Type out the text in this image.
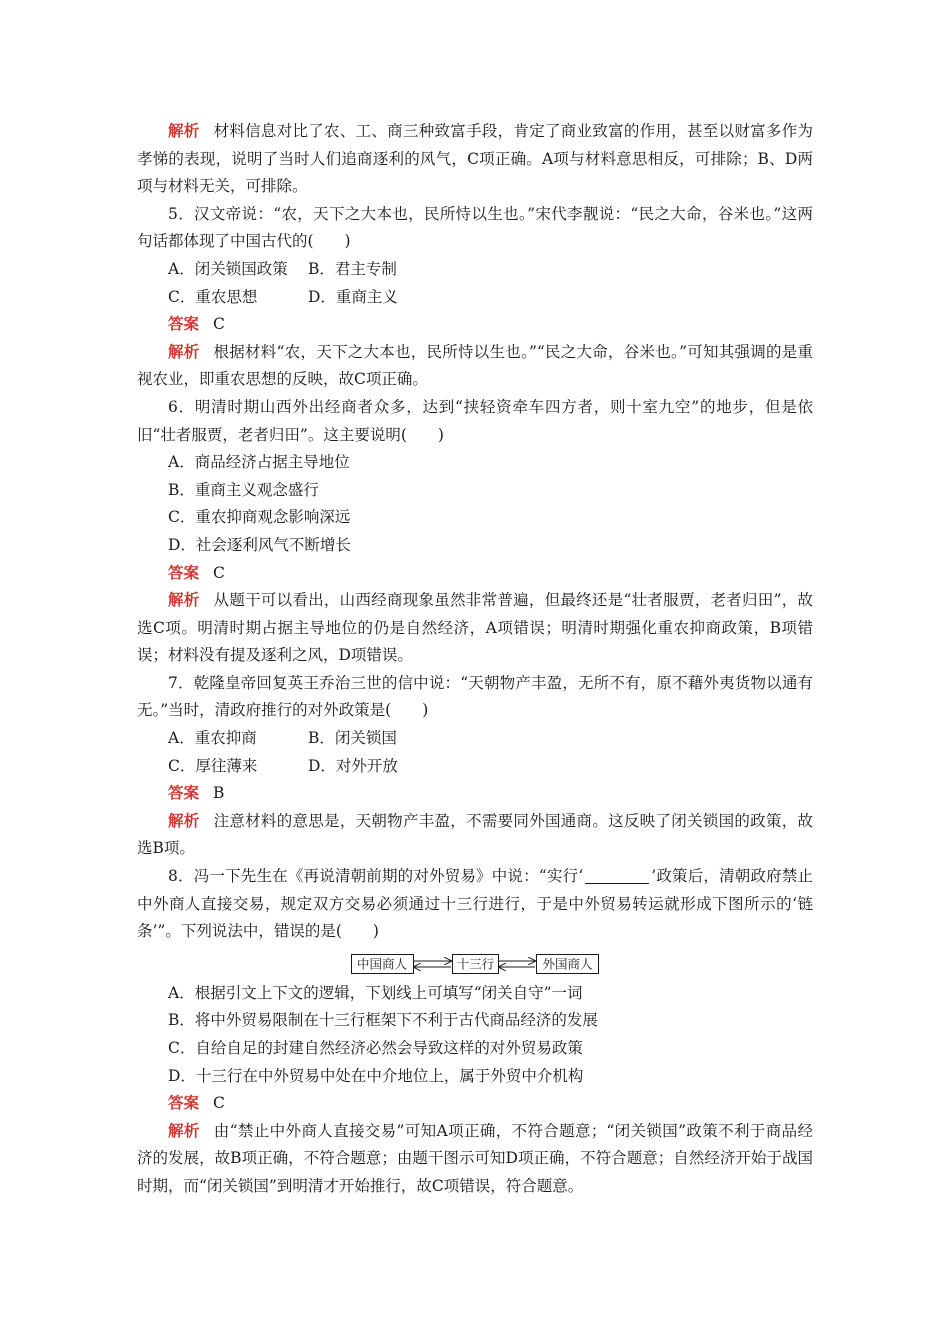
解析 材料信息对比了农、工、商三种致富手段，肯定了商业致富的作用，甚至以财富多作为孝悌的表现，说明了当时人们追商逐利的风气，C项正确。A项与材料意思相反，可排除；B、D两项与材料无关，可排除。

5．汉文帝说：“农，天下之大本也，民所恃以生也。”宋代李靓说：“民之大命，谷米也。”这两句话都体现了中国古代的(　　)

A．闭关锁国政策	B．君主专制
C．重农思想	D．重商主义

答案 C

解析 根据材料“农，天下之大本也，民所恃以生也。”“民之大命，谷米也。”可知其强调的是重视农业，即重农思想的反映，故C项正确。

6．明清时期山西外出经商者众多，达到“挟轻资牵车四方者，则十室九空”的地步，但是依旧“壮者服贾，老者归田”。这主要说明(　　)

A．商品经济占据主导地位

B．重商主义观念盛行

C．重农抑商观念影响深远

D．社会逐利风气不断增长

答案 C

解析 从题干可以看出，山西经商现象虽然非常普遍，但最终还是“壮者服贾，老者归田”，故选C项。明清时期占据主导地位的仍是自然经济，A项错误；明清时期强化重农抑商政策，B项错误；材料没有提及逐利之风，D项错误。

7．乾隆皇帝回复英王乔治三世的信中说：“天朝物产丰盈，无所不有，原不藉外夷货物以通有无。”当时，清政府推行的对外政策是(　　)

A．重农抑商	B．闭关锁国
C．厚往薄来	D．对外开放

答案 B

解析 注意材料的意思是，天朝物产丰盈，不需要同外国通商。这反映了闭关锁国的政策，故选B项。

8．冯一下先生在《再说清朝前期的对外贸易》中说：“实行‘	’政策后，清朝政府禁止中外商人直接交易，规定双方交易必须通过十三行进行，于是中外贸易转运就形成下图所示的‘链条’”。下列说法中，错误的是(　　)

中国商人	十三行	外国商人

A．根据引文上下文的逻辑，下划线上可填写“闭关自守”一词

B．将中外贸易限制在十三行框架下不利于古代商品经济的发展

C．自给自足的封建自然经济必然会导致这样的对外贸易政策

D．十三行在中外贸易中处在中介地位上，属于外贸中介机构

答案 C

解析 由“禁止中外商人直接交易”可知A项正确，不符合题意；“闭关锁国”政策不利于商品经济的发展，故B项正确，不符合题意；由题干图示可知D项正确，不符合题意；自然经济开始于战国时期，而“闭关锁国”到明清才开始推行，故C项错误，符合题意。
